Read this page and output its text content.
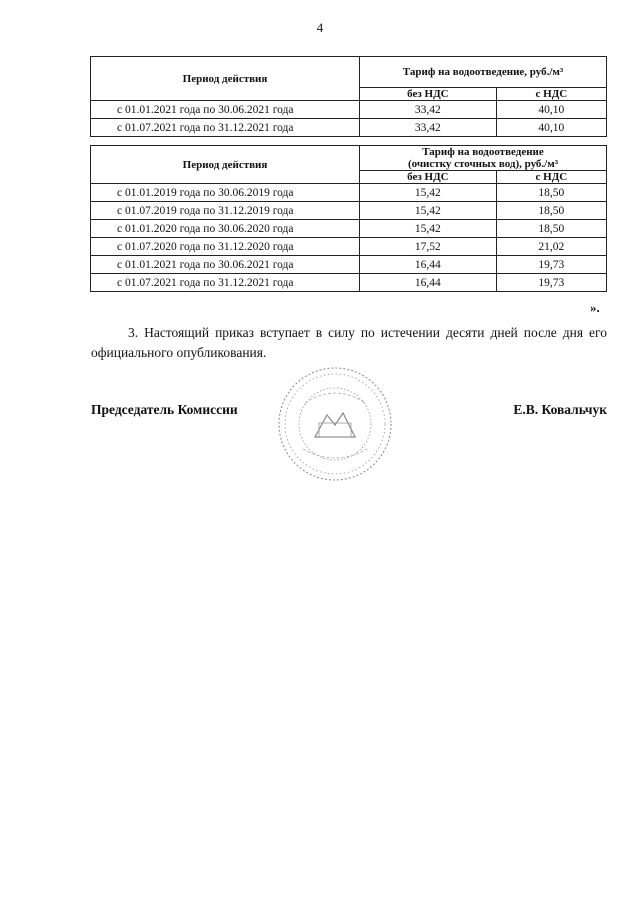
4
Период действия	Тариф на водоотведение, руб./м³	
	без НДС	с НДС
с 01.01.2021 года по 30.06.2021 года	33,42	40,10
с 01.07.2021 года по 31.12.2021 года	33,42	40,10
Период действия	Тариф на водоотведение
(очистку сточных вод), руб./м³	
	без НДС	с НДС
с 01.01.2019 года по 30.06.2019 года	15,42	18,50
с 01.07.2019 года по 31.12.2019 года	15,42	18,50
с 01.01.2020 года по 30.06.2020 года	15,42	18,50
с 01.07.2020 года по 31.12.2020 года	17,52	21,02
с 01.01.2021 года по 30.06.2021 года	16,44	19,73
с 01.07.2021 года по 31.12.2021 года	16,44	19,73
».
3. Настоящий приказ вступает в силу по истечении десяти дней после дня его официального опубликования.
Председатель Комиссии	Е.В. Ковальчук
